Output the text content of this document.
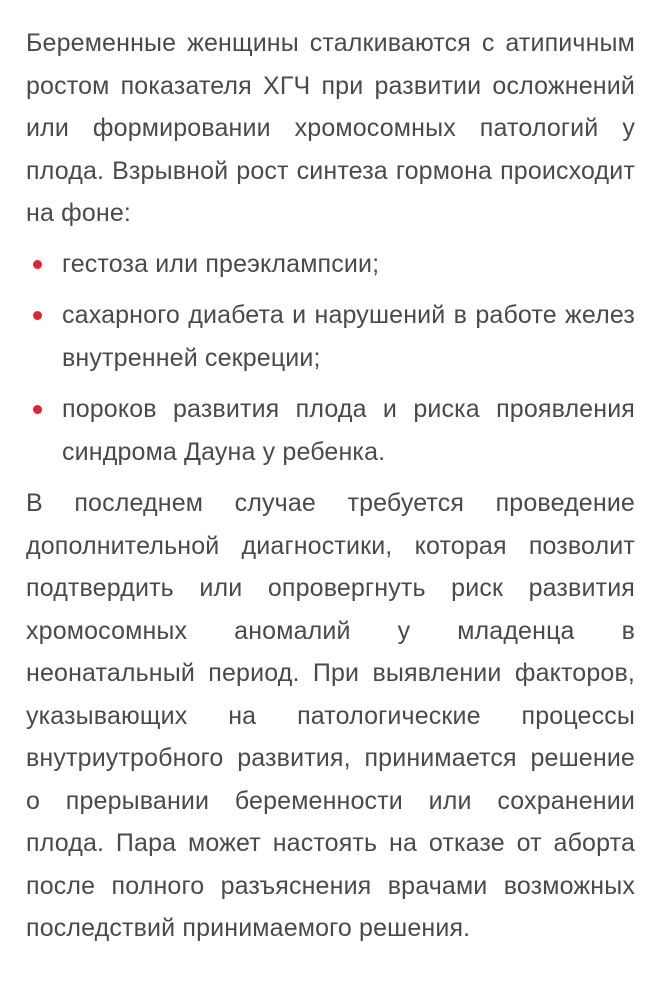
Беременные женщины сталкиваются с атипичным ростом показателя ХГЧ при развитии осложнений или формировании хромосомных патологий у плода. Взрывной рост синтеза гормона происходит на фоне:

гестоза или преэклампсии;
сахарного диабета и нарушений в работе желез внутренней секреции;
пороков развития плода и риска проявления синдрома Дауна у ребенка.

В последнем случае требуется проведение дополнительной диагностики, которая позволит подтвердить или опровергнуть риск развития хромосомных аномалий у младенца в неонатальный период. При выявлении факторов, указывающих на патологические процессы внутриутробного развития, принимается решение о прерывании беременности или сохранении плода. Пара может настоять на отказе от аборта после полного разъяснения врачами возможных последствий принимаемого решения.
